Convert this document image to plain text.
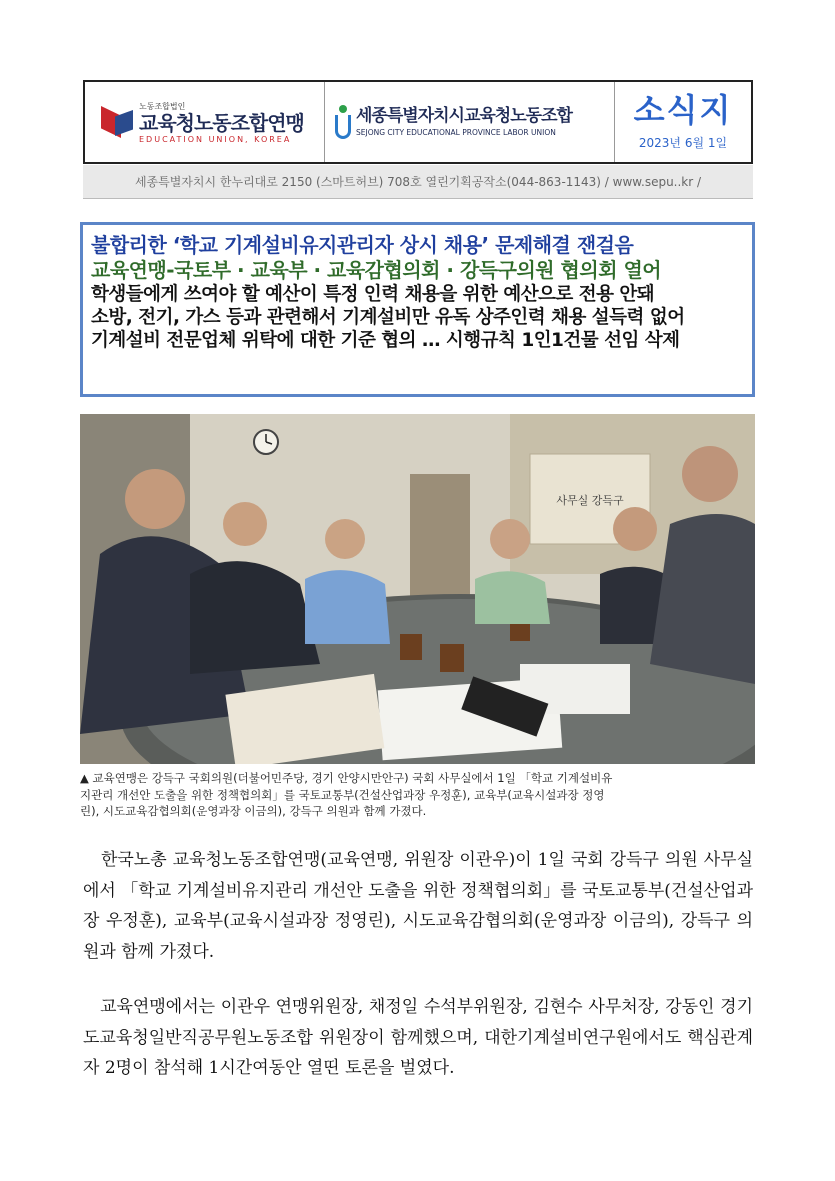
노동조합법인
교육청노동조합연맹
EDUCATION UNION, KOREA
세종특별자치시교육청노동조합
SEJONG CITY EDUCATIONAL PROVINCE LABOR UNION
소식지
2023년 6월 1일
세종특별자치시 한누리대로 2150 (스마트허브) 708호 열린기획공작소(044-863-1143) / www.sepu..kr /
불합리한 ‘학교 기계설비유지관리자 상시 채용’ 문제해결 잰걸음
교육연맹-국토부 · 교육부 · 교육감협의회 · 강득구의원 협의회 열어
학생들에게 쓰여야 할 예산이 특정 인력 채용을 위한 예산으로 전용 안돼
소방, 전기, 가스 등과 관련해서 기계설비만 유독 상주인력 채용 설득력 없어
기계설비 전문업체 위탁에 대한 기준 협의 … 시행규칙 1인1건물 선임 삭제
사무실 강득구
▲ 교육연맹은 강득구 국회의원(더불어민주당, 경기 안양시만안구) 국회 사무실에서 1일 「학교 기계설비유
지관리 개선안 도출을 위한 정책협의회」를 국토교통부(건설산업과장 우정훈), 교육부(교육시설과장 정영
린), 시도교육감협의회(운영과장 이금의), 강득구 의원과 함께 가졌다.

한국노총 교육청노동조합연맹(교육연맹, 위원장 이관우)이 1일 국회 강득구 의원 사무실에서 「학교 기계설비유지관리 개선안 도출을 위한 정책협의회」를 국토교통부(건설산업과장 우정훈), 교육부(교육시설과장 정영린), 시도교육감협의회(운영과장 이금의), 강득구 의원과 함께 가졌다.

교육연맹에서는 이관우 연맹위원장, 채정일 수석부위원장, 김현수 사무처장, 강동인 경기도교육청일반직공무원노동조합 위원장이 함께했으며, 대한기계설비연구원에서도 핵심관계자 2명이 참석해 1시간여동안 열띤 토론을 벌였다.
